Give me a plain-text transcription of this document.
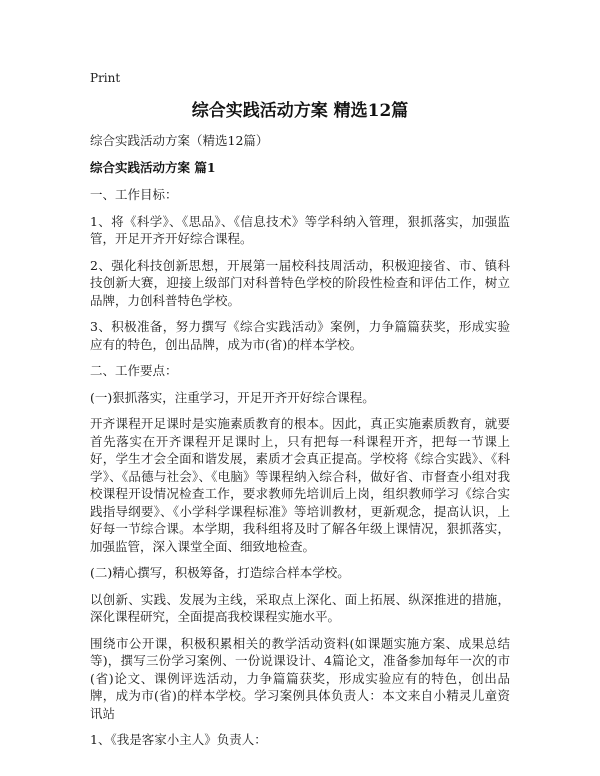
Print
综合实践活动方案 精选12篇
综合实践活动方案（精选12篇）
综合实践活动方案 篇1

一、工作目标：

1、将《科学》、《思品》、《信息技术》等学科纳入管理，狠抓落实，加强监管，开足开齐开好综合课程。

2、强化科技创新思想，开展第一届校科技周活动，积极迎接省、市、镇科技创新大赛，迎接上级部门对科普特色学校的阶段性检查和评估工作，树立品牌，力创科普特色学校。

3、积极准备，努力撰写《综合实践活动》案例，力争篇篇获奖，形成实验应有的特色，创出品牌，成为市(省)的样本学校。

二、工作要点：

(一)狠抓落实，注重学习，开足开齐开好综合课程。

开齐课程开足课时是实施素质教育的根本。因此，真正实施素质教育，就要首先落实在开齐课程开足课时上，只有把每一科课程开齐，把每一节课上好，学生才会全面和谐发展，素质才会真正提高。学校将《综合实践》、《科学》、《品德与社会》、《电脑》等课程纳入综合科，做好省、市督查小组对我校课程开设情况检查工作，要求教师先培训后上岗，组织教师学习《综合实践指导纲要》、《小学科学课程标准》等培训教材，更新观念，提高认识，上好每一节综合课。本学期，我科组将及时了解各年级上课情况，狠抓落实，加强监管，深入课堂全面、细致地检查。

(二)精心撰写，积极筹备，打造综合样本学校。

以创新、实践、发展为主线，采取点上深化、面上拓展、纵深推进的措施，深化课程研究，全面提高我校课程实施水平。

围绕市公开课，积极积累相关的教学活动资料(如课题实施方案、成果总结等)，撰写三份学习案例、一份说课设计、4篇论文，准备参加每年一次的市(省)论文、课例评选活动，力争篇篇获奖，形成实验应有的特色，创出品牌，成为市(省)的样本学校。学习案例具体负责人：本文来自小精灵儿童资讯站

1、《我是客家小主人》负责人：
